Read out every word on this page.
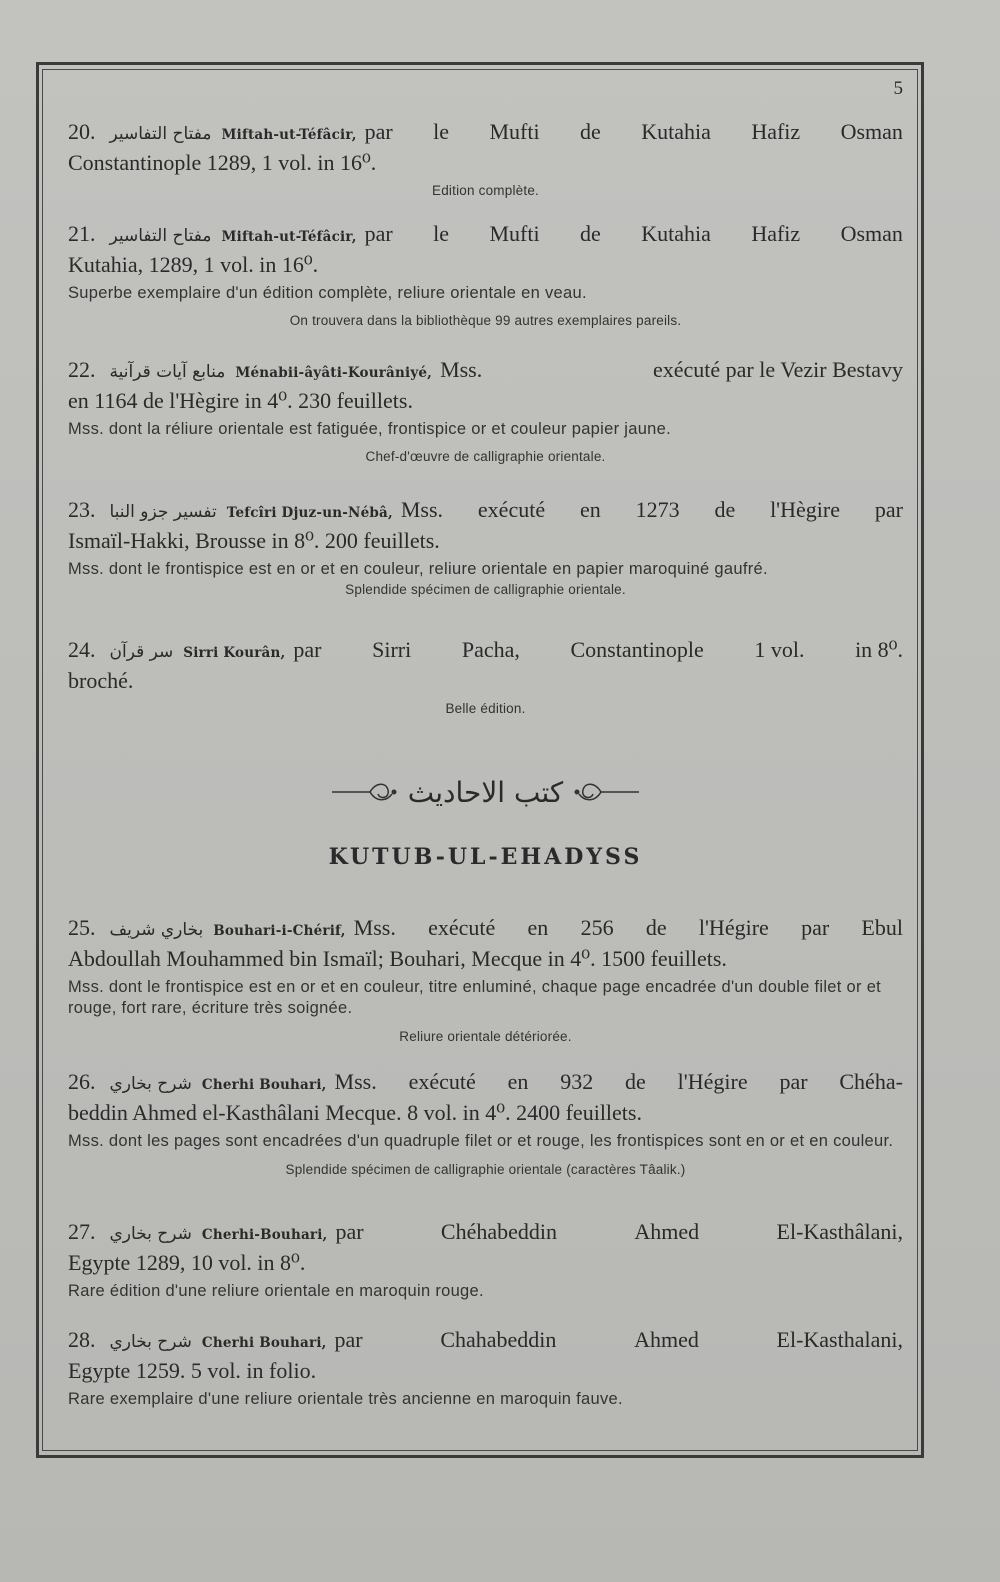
5
20. مفتاح التفاسير Miftah-ut-Téfâcir, par le Mufti de Kutahia Hafiz Osman
Constantinople 1289, 1 vol. in 16⁰.
Edition complète.
21. مفتاح التفاسير Miftah-ut-Téfâcir, par le Mufti de Kutahia Hafiz Osman
Kutahia, 1289, 1 vol. in 16⁰.
Superbe exemplaire d'un édition complète, reliure orientale en veau.
On trouvera dans la bibliothèque 99 autres exemplaires pareils.
22. منابع آيات قرآنية Ménabii-âyâti-Kourâniyé, Mss.	exécuté par le Vezir Bestavy
en 1164 de l'Hègire in 4⁰. 230 feuillets.
Mss. dont la réliure orientale est fatiguée, frontispice or et couleur papier jaune.
Chef-d'œuvre de calligraphie orientale.
23. تفسير جزو النبا Tefcîri Djuz-un-Nébâ, Mss. exécuté en 1273 de l'Hègire par
Ismaïl-Hakki, Brousse in 8⁰. 200 feuillets.
Mss. dont le frontispice est en or et en couleur, reliure orientale en papier maroquiné gaufré.
Splendide spécimen de calligraphie orientale.
24. سر قرآن Sirri Kourân, par Sirri Pacha, Constantinople 1 vol. in 8⁰.
broché.
Belle édition.
كتب الاحاديث
KUTUB-UL-EHADYSS
25. بخاري شريف Bouhari-i-Chérif, Mss. exécuté en 256 de l'Hégire par Ebul
Abdoullah Mouhammed bin Ismaïl; Bouhari, Mecque in 4⁰. 1500 feuillets.
Mss. dont le frontispice est en or et en couleur, titre enluminé, chaque page encadrée d'un double filet or et rouge, fort rare, écriture très soignée.
Reliure orientale détériorée.
26. شرح بخاري Cherhi Bouhari, Mss. exécuté en 932 de l'Hégire par Chéha-
beddin Ahmed el-Kasthâlani Mecque. 8 vol. in 4⁰. 2400 feuillets.
Mss. dont les pages sont encadrées d'un quadruple filet or et rouge, les frontispices sont en or et en couleur.
Splendide spécimen de calligraphie orientale (caractères Tâalik.)
27. شرح بخاري Cherhi-Bouhari, par	Chéhabeddin	Ahmed	El-Kasthâlani,
Egypte 1289, 10 vol. in 8⁰.
Rare édition d'une reliure orientale en maroquin rouge.
28. شرح بخاري Cherhi Bouhari, par	Chahabeddin	Ahmed	El-Kasthalani,
Egypte 1259. 5 vol. in folio.
Rare exemplaire d'une reliure orientale très ancienne en maroquin fauve.
